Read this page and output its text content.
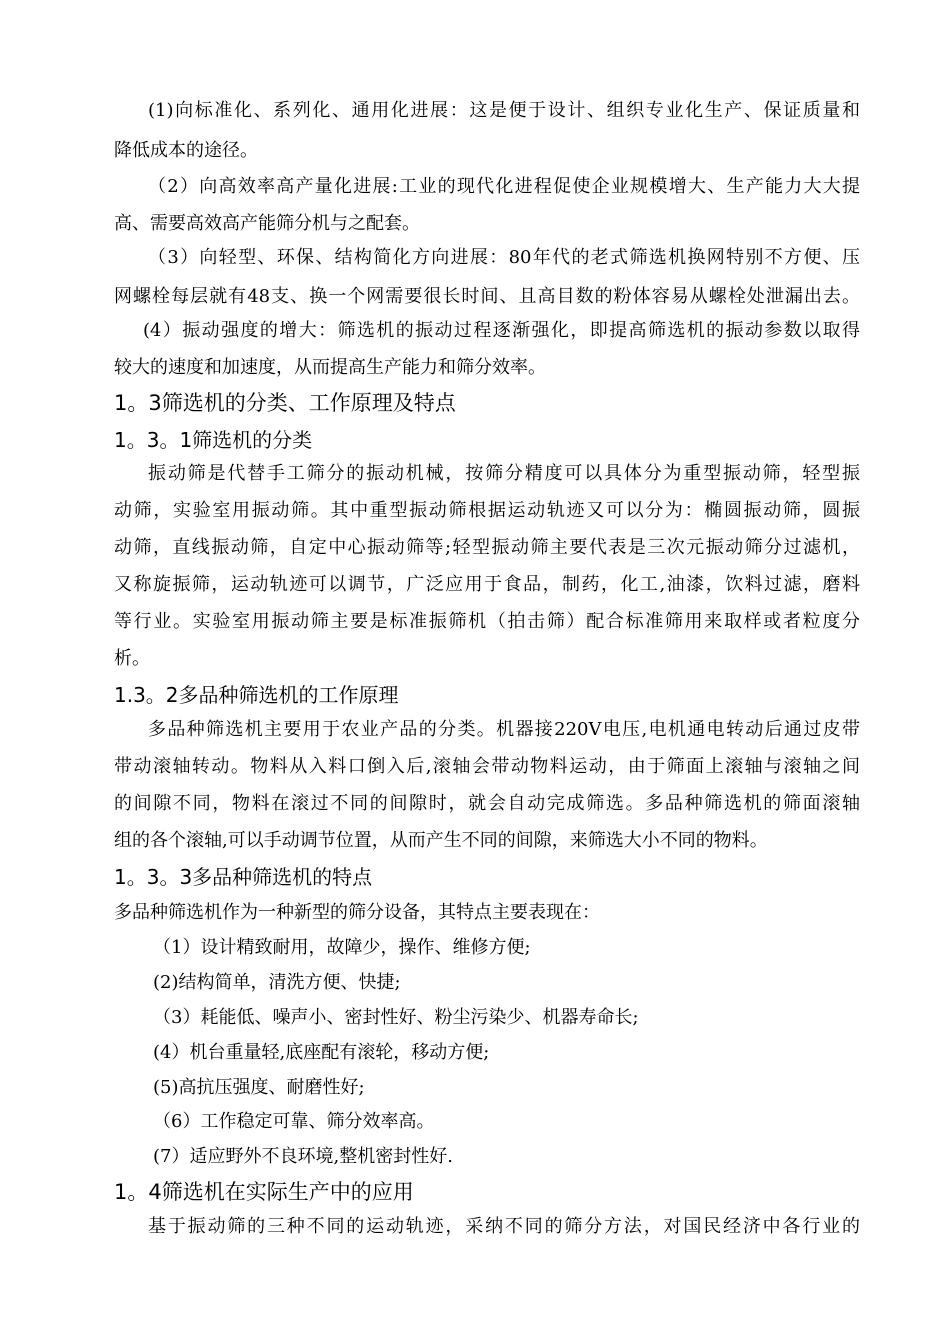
(1)向标准化、系列化、通用化进展：这是便于设计、组织专业化生产、保证质量和
降低成本的途径。
（2）向高效率高产量化进展:工业的现代化进程促使企业规模增大、生产能力大大提
高、需要高效高产能筛分机与之配套。
（3）向轻型、环保、结构简化方向进展：80年代的老式筛选机换网特别不方便、压
网螺栓每层就有48支、换一个网需要很长时间、且高目数的粉体容易从螺栓处泄漏出去。
(4）振动强度的增大：筛选机的振动过程逐渐强化，即提高筛选机的振动参数以取得
较大的速度和加速度，从而提高生产能力和筛分效率。
1。3筛选机的分类、工作原理及特点
1。3。1筛选机的分类
振动筛是代替手工筛分的振动机械，按筛分精度可以具体分为重型振动筛，轻型振
动筛，实验室用振动筛。其中重型振动筛根据运动轨迹又可以分为：椭圆振动筛，圆振
动筛，直线振动筛，自定中心振动筛等;轻型振动筛主要代表是三次元振动筛分过滤机，
又称旋振筛，运动轨迹可以调节，广泛应用于食品，制药，化工,油漆，饮料过滤，磨料
等行业。实验室用振动筛主要是标准振筛机（拍击筛）配合标准筛用来取样或者粒度分
析。
1.3。2多品种筛选机的工作原理
多品种筛选机主要用于农业产品的分类。机器接220V电压,电机通电转动后通过皮带
带动滚轴转动。物料从入料口倒入后,滚轴会带动物料运动，由于筛面上滚轴与滚轴之间
的间隙不同，物料在滚过不同的间隙时，就会自动完成筛选。多品种筛选机的筛面滚轴
组的各个滚轴,可以手动调节位置，从而产生不同的间隙，来筛选大小不同的物料。
1。3。3多品种筛选机的特点
多品种筛选机作为一种新型的筛分设备，其特点主要表现在：
（1）设计精致耐用，故障少，操作、维修方便;
(2)结构简单，清洗方便、快捷;
（3）耗能低、噪声小、密封性好、粉尘污染少、机器寿命长;
(4）机台重量轻,底座配有滚轮，移动方便;
(5)高抗压强度、耐磨性好;
（6）工作稳定可靠、筛分效率高。
(7）适应野外不良环境,整机密封性好.
1。4筛选机在实际生产中的应用
基于振动筛的三种不同的运动轨迹，采纳不同的筛分方法，对国民经济中各行业的
